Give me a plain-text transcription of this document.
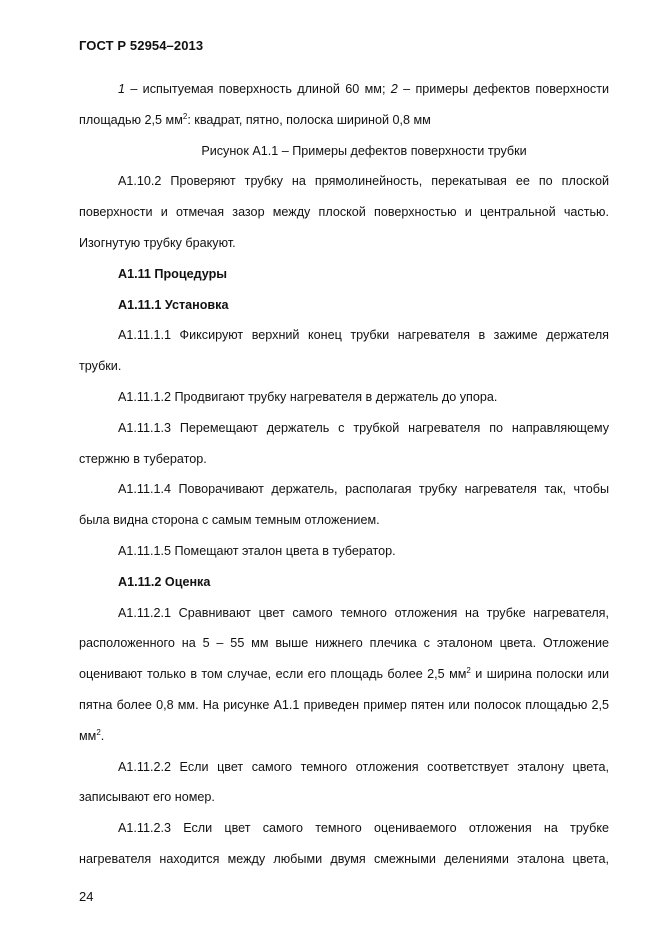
ГОСТ Р 52954–2013

1 – испытуемая поверхность длиной 60 мм; 2 – примеры дефектов поверхности площадью 2,5 $мм^2$: квадрат, пятно, полоска шириной 0,8 мм

Рисунок А1.1 – Примеры дефектов поверхности трубки

А1.10.2 Проверяют трубку на прямолинейность, перекатывая ее по плоской поверхности и отмечая зазор между плоской поверхностью и центральной частью. Изогнутую трубку бракуют.

А1.11 Процедуры

А1.11.1 Установка

А1.11.1.1 Фиксируют верхний конец трубки нагревателя в зажиме держателя трубки.

А1.11.1.2 Продвигают трубку нагревателя в держатель до упора.

А1.11.1.3 Перемещают держатель с трубкой нагревателя по направляющему стержню в тубератор.

А1.11.1.4 Поворачивают держатель, располагая трубку нагревателя так, чтобы была видна сторона с самым темным отложением.

А1.11.1.5 Помещают эталон цвета в тубератор.

А1.11.2 Оценка

А1.11.2.1 Сравнивают цвет самого темного отложения на трубке нагревателя, расположенного на 5 – 55 мм выше нижнего плечика с эталоном цвета. Отложение оценивают только в том случае, если его площадь более 2,5 $мм^2$ и ширина полоски или пятна более 0,8 мм. На рисунке А1.1 приведен пример пятен или полосок площадью 2,5 $мм^2$.

А1.11.2.2 Если цвет самого темного отложения соответствует эталону цвета, записывают его номер.

А1.11.2.3 Если цвет самого темного оцениваемого отложения на трубке нагревателя находится между любыми двумя смежными делениями эталона цвета,

24
